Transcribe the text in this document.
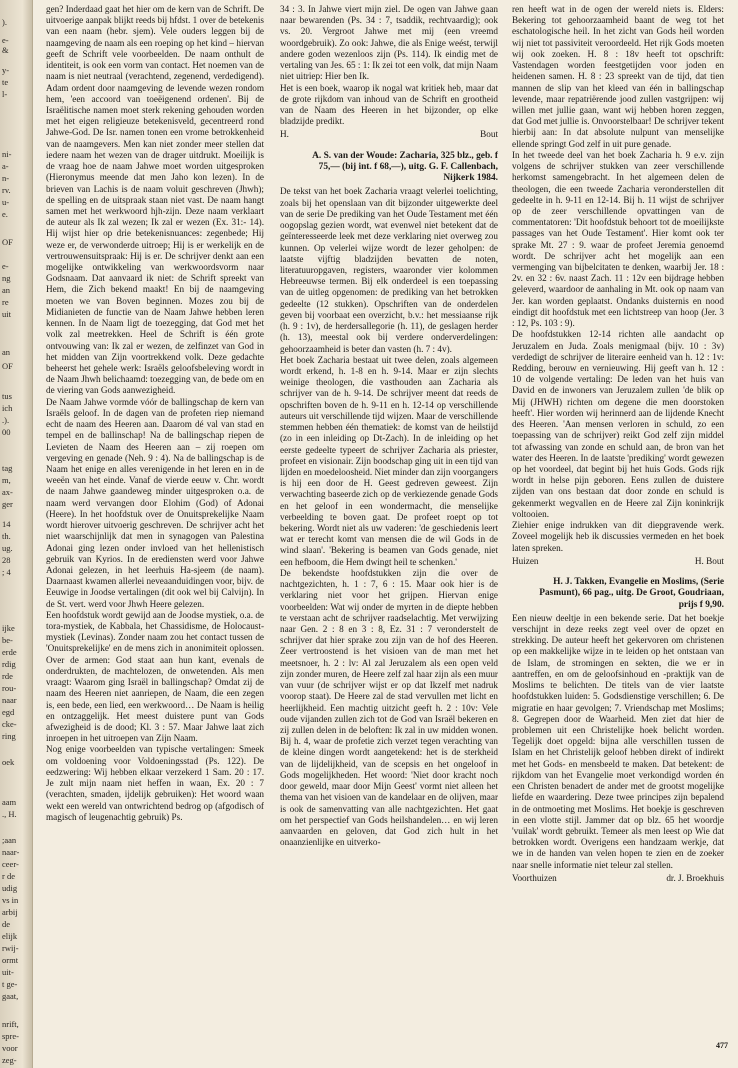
).
e-
&
y-
te
l-
ni-
a-
n-
rv.
u-
e.
OF
e-
ng
an
re
uit
an
OF
tus
ich
.).
00
tag
m,
ax-
ger
14
th.
ug.
28
; 4
ijke
be-
erde
rdig
rde
rou-
naar
egd
cke-
ring
oek
aam
., H.
;aan
naar-
ceer-
r de
udig
vs in
arbij
de
elijk
rwij-
ormt
uit-
t ge-
gaat,
nrift,
spre-
voor
zeg-

gen? Inderdaad gaat het hier om de kern van de Schrift. De uitvoerige aanpak blijkt reeds bij hfdst. 1 over de betekenis van een naam (hebr. sjem). Vele ouders leggen bij de naamgeving de naam als een roeping op het kind – hiervan geeft de Schrift vele voorbeelden. De naam onthult de identiteit, is ook een vorm van contact. Het noemen van de naam is niet neutraal (verachtend, zegenend, verdedigend). Adam ordent door naamgeving de levende wezen rondom hem, 'een accoord van toeëigenend ordenen'. Bij de Israëlitische namen moet sterk rekening gehouden worden met het eigen religieuze betekenisveld, gecentreerd rond Jahwe-God. De Isr. namen tonen een vrome betrokkenheid van de naamgevers. Men kan niet zonder meer stellen dat iedere naam het wezen van de drager uitdrukt. Moeilijk is de vraag hoe de naam Jahwe moet worden uitgesproken (Hieronymus meende dat men Jaho kon lezen). In de brieven van Lachis is de naam voluit geschreven (Jhwh); de spelling en de uitspraak staan niet vast. De naam hangt samen met het werkwoord hjh-zijn. Deze naam verklaart de auteur als Ik zal wezen; Ik zal er wezen (Ex. 31:- 14). Hij wijst hier op drie betekenisnuances: zegenbede; Hij weze er, de verwonderde uitroep; Hij is er werkelijk en de vertrouwensuitspraak: Hij is er. De schrijver denkt aan een mogelijke ontwikkeling van werkwoordsvorm naar Godsnaam. Dat aanvaard ik niet: de Schrift spreekt van Hem, die Zich bekend maakt! En bij de naamgeving moeten we van Boven beginnen. Mozes zou bij de Midianieten de functie van de Naam Jahwe hebben leren kennen. In de Naam ligt de toezegging, dat God met het volk zal meetrekken. Heel de Schrift is één grote ontvouwing van: Ik zal er wezen, de zelfinzet van God in het midden van Zijn voortrekkend volk. Deze gedachte beheerst het gehele werk: Israëls geloofsbeleving wordt in de Naam Jhwh belichaamd: toezegging van, de bede om en de viering van Gods aanwezigheid.

De Naam Jahwe vormde vóór de ballingschap de kern van Israëls geloof. In de dagen van de profeten riep niemand echt de naam des Heeren aan. Daarom dé val van stad en tempel en de ballinschap! Na de ballingschap riepen de Levieten de Naam des Heeren aan – zij roepen om vergeving en genade (Neh. 9 : 4). Na de ballingschap is de Naam het enige en alles verenigende in het leren en in de weeën van het einde. Vanaf de vierde eeuw v. Chr. wordt de naam Jahwe gaandeweg minder uitgesproken o.a. de naam werd vervangen door Elohim (God) of Adonai (Heere). In het hoofdstuk over de Onuitsprekelijke Naam wordt hierover uitvoerig geschreven. De schrijver acht het niet waarschijnlijk dat men in synagogen van Palestina Adonai ging lezen onder invloed van het hellenistisch gebruik van Kyrios. In de erediensten werd voor Jahwe Adonai gelezen, in het leerhuis Ha-sjeem (de naam). Daarnaast kwamen allerlei neveaanduidingen voor, bijv. de Eeuwige in Joodse vertalingen (dit ook wel bij Calvijn). In de St. vert. werd voor Jhwh Heere gelezen.

Een hoofdstuk wordt gewijd aan de Joodse mystiek, o.a. de tora-mystiek, de Kabbala, het Chassidisme, de Holocaust-mystiek (Levinas). Zonder naam zou het contact tussen de 'Onuitsprekelijke' en de mens zich in anonimiteit oplossen. Over de armen: God staat aan hun kant, evenals de onderdrukten, de machtelozen, de onwetenden. Als men vraagt: Waarom ging Israël in ballingschap? Omdat zij de naam des Heeren niet aanriepen, de Naam, die een zegen is, een bede, een lied, een werkwoord… De Naam is heilig en ontzaggelijk. Het meest duistere punt van Gods afwezigheid is de dood; Kl. 3 : 57. Maar Jahwe laat zich inroepen in het uitroepen van Zijn Naam.

Nog enige voorbeelden van typische vertalingen: Smeek om voldoening voor Voldoeningsstad (Ps. 122). De eedzwering: Wij hebben elkaar verzekerd 1 Sam. 20 : 17. Je zult mijn naam niet heffen in waan, Ex. 20 : 7 (verachten, smaden, ijdelijk gebruiken): Het woord waan wekt een wereld van ontwrichtend bedrog op (afgodisch of magisch of leugenachtig gebruik) Ps.

34 : 3. In Jahwe viert mijn ziel. De ogen van Jahwe gaan naar bewarenden (Ps. 34 : 7, tsaddik, rechtvaardig); ook vs. 20. Vergroot Jahwe met mij (een vreemd woordgebruik). Zo ook: Jahwe, die als Enige weést, terwijl andere goden wezenloos zijn (Ps. 114). Ik eindig met de vertaling van Jes. 65 : 1: Ik zei tot een volk, dat mijn Naam niet uitriep: Hier ben Ik.

Het is een boek, waarop ik nogal wat kritiek heb, maar dat de grote rijkdom van inhoud van de Schrift en grootheid van de Naam des Heeren in het bijzonder, op elke bladzijde predikt.

H.	Bout
A. S. van der Woude: Zacharia, 325 blz., geb. f 75,— (bij int. f 68,—), uitg. G. F. Callenbach, Nijkerk 1984.

De tekst van het boek Zacharia vraagt velerlei toelichting, zoals bij het openslaan van dit bijzonder uitgewerkte deel van de serie De prediking van het Oude Testament met één oogopslag gezien wordt, wat evenwel niet betekent dat de geïnteresseerde leek met deze verklaring niet overweg zou kunnen. Op velerlei wijze wordt de lezer geholpen: de laatste vijftig bladzijden bevatten de noten, literatuuropgaven, registers, waaronder vier kolommen Hebreeuwse termen. Bij elk onderdeel is een toepassing van de uitleg opgenomen: de prediking van het betrokken gedeelte (12 stukken). Opschriften van de onderdelen geven bij voorbaat een overzicht, b.v.: het messiaanse rijk (h. 9 : 1v), de herdersallegorie (h. 11), de geslagen herder (h. 13), meestal ook bij verdere onderverdelingen: gehoorzaamheid is beter dan vasten (h. 7 : 4v).

Het boek Zacharia bestaat uit twee delen, zoals algemeen wordt erkend, h. 1-8 en h. 9-14. Maar er zijn slechts weinige theologen, die vasthouden aan Zacharia als schrijver van de h. 9-14. De schrijver meent dat reeds de opschriften boven de h. 9-11 en h. 12-14 op verschillende auteurs uit verschillende tijd wijzen. Maar de verschillende stemmen hebben één thematiek: de komst van de heilstijd (zo in een inleiding op Dt-Zach). In de inleiding op het eerste gedeelte typeert de schrijver Zacharia als priester, profeet en visionair. Zijn boodschap ging uit in een tijd van lijden en moedeloosheid. Niet minder dan zijn voorgangers is hij een door de H. Geest gedreven geweest. Zijn verwachting baseerde zich op de verkiezende genade Gods en het geloof in een wondermacht, die menselijke verbeelding te boven gaat. De profeet roept op tot bekering. Wordt niet als uw vaderen: 'de geschiedenis leert wat er terecht komt van mensen die de wil Gods in de wind slaan'. 'Bekering is beamen van Gods genade, niet een hefboom, die Hem dwingt heil te schenken.'

De bekendste hoofdstukken zijn die over de nachtgezichten, h. 1 : 7, 6 : 15. Maar ook hier is de verklaring niet voor het grijpen. Hiervan enige voorbeelden: Wat wij onder de myrten in de diepte hebben te verstaan acht de schrijver raadselachtig. Met verwijzing naar Gen. 2 : 8 en 3 : 8, Ez. 31 : 7 veronderstelt de schrijver dat hier sprake zou zijn van de hof des Heeren. Zeer vertroostend is het visioen van de man met het meetsnoer, h. 2 : lv: Al zal Jeruzalem als een open veld zijn zonder muren, de Heere zelf zal haar zijn als een muur van vuur (de schrijver wijst er op dat Ikzelf met nadruk voorop staat). De Heere zal de stad vervullen met licht en heerlijkheid. Een machtig uitzicht geeft h. 2 : 10v: Vele oude vijanden zullen zich tot de God van Israël bekeren en zij zullen delen in de beloften: Ik zal in uw midden wonen. Bij h. 4, waar de profetie zich verzet tegen verachting van de kleine dingen wordt aangetekend: het is de sterkheid van de lijdelijkheid, van de scepsis en het ongeloof in Gods mogelijkheden. Het woord: 'Niet door kracht noch door geweld, maar door Mijn Geest' vormt niet alleen het thema van het visioen van de kandelaar en de olijven, maar is ook de samenvatting van alle nachtgezichten. Het gaat om het perspectief van Gods heilshandelen… en wij leren aanvaarden en geloven, dat God zich hult in het onaanzienlijke en uitverko-

ren heeft wat in de ogen der wereld niets is. Elders: Bekering tot gehoorzaamheid baant de weg tot het eschatologische heil. In het zicht van Gods heil worden wij niet tot passiviteit veroordeeld. Het rijk Gods moeten wij ook zoeken. H. 8 : 18v heeft tot opschrift: Vastendagen worden feestgetijden voor joden en heidenen samen. H. 8 : 23 spreekt van de tijd, dat tien mannen de slip van het kleed van één in ballingschap levende, maar repatriërende jood zullen vastgrijpen: wij willen met jullie gaan, want wij hebben horen zeggen, dat God met jullie is. Onvoorstelbaar! De schrijver tekent hierbij aan: In dat absolute nulpunt van menselijke ellende springt God zelf in uit pure genade.

In het tweede deel van het boek Zacharia h. 9 e.v. zijn volgens de schrijver stukken van zeer verschillende herkomst samengebracht. In het algemeen delen de theologen, die een tweede Zacharia veronderstellen dit gedeelte in h. 9-11 en 12-14. Bij h. 11 wijst de schrijver op de zeer verschillende opvattingen van de commentatoren: 'Dit hoofdstuk behoort tot de moeilijkste passages van het Oude Testament'. Hier komt ook ter sprake Mt. 27 : 9. waar de profeet Jeremia genoemd wordt. De schrijver acht het mogelijk aan een vermenging van bijbelcitaten te denken, waarbij Jer. 18 : 2v. en 32 : 6v. naast Zach. 11 : 12v een bijdrage hebben geleverd, waardoor de aanhaling in Mt. ook op naam van Jer. kan worden geplaatst. Ondanks duisternis en nood eindigt dit hoofdstuk met een lichtstreep van hoop (Jer. 3 : 12, Ps. 103 : 9).

De hoofdstukken 12-14 richten alle aandacht op Jeruzalem en Juda. Zoals menigmaal (bijv. 10 : 3v) verdedigt de schrijver de literaire eenheid van h. 12 : 1v: Redding, berouw en vernieuwing. Hij geeft van h. 12 : 10 de volgende vertaling: De leden van het huis van David en de inwoners van Jeruzalem zullen 'de blik op Mij (JHWH) richten om degene die men doorstoken heeft'. Hier worden wij herinnerd aan de lijdende Knecht des Heeren. 'Aan mensen verloren in schuld, zo een toepassing van de schrijver) reikt God zelf zijn middel tot afwassing van zonde en schuld aan, de bron van het water des Heeren. In de laatste 'prediking' wordt gewezen op het voordeel, dat begint bij het huis Gods. Gods rijk wordt in helse pijn geboren. Eens zullen de duistere zijden van ons bestaan dat door zonde en schuld is gekenmerkt wegvallen en de Heere zal Zijn koninkrijk voltooien.

Ziehier enige indrukken van dit diepgravende werk. Zoveel mogelijk heb ik discussies vermeden en het boek laten spreken.

Huizen	H. Bout
H. J. Takken, Evangelie en Moslims, (Serie Pasmunt), 66 pag., uitg. De Groot, Goudriaan, prijs f 9,90.

Een nieuw deeltje in een bekende serie. Dat het boekje verschijnt in deze reeks zegt veel over de opzet en strekking. De auteur heeft het gekervoren om christenen op een makkelijke wijze in te leiden op het ontstaan van de Islam, de stromingen en sekten, die we er in aantreffen, en om de geloofsinhoud en -praktijk van de Moslims te belichten. De titels van de vier laatste hoofdstukken luiden: 5. Godsdienstige verschillen; 6. De migratie en haar gevolgen; 7. Vriendschap met Moslims; 8. Gegrepen door de Waarheid. Men ziet dat hier de problemen uit een Christelijke hoek belicht worden. Tegelijk doet opgeld: bijna alle verschillen tussen de Islam en het Christelijk geloof hebben direkt of indirekt met het Gods- en mensbeeld te maken. Dat betekent: de rijkdom van het Evangelie moet verkondigd worden én een Christen benadert de ander met de grootst mogelijke liefde en waardering. Deze twee principes zijn bepalend in de ontmoeting met Moslims. Het boekje is geschreven in een vlotte stijl. Jammer dat op blz. 65 het woordje 'vuilak' wordt gebruikt. Temeer als men leest op Wie dat betrokken wordt. Overigens een handzaam werkje, dat we in de handen van velen hopen te zien en de zoeker naar snelle informatie niet teleur zal stellen.

Voorthuizen	dr. J. Broekhuis
477
